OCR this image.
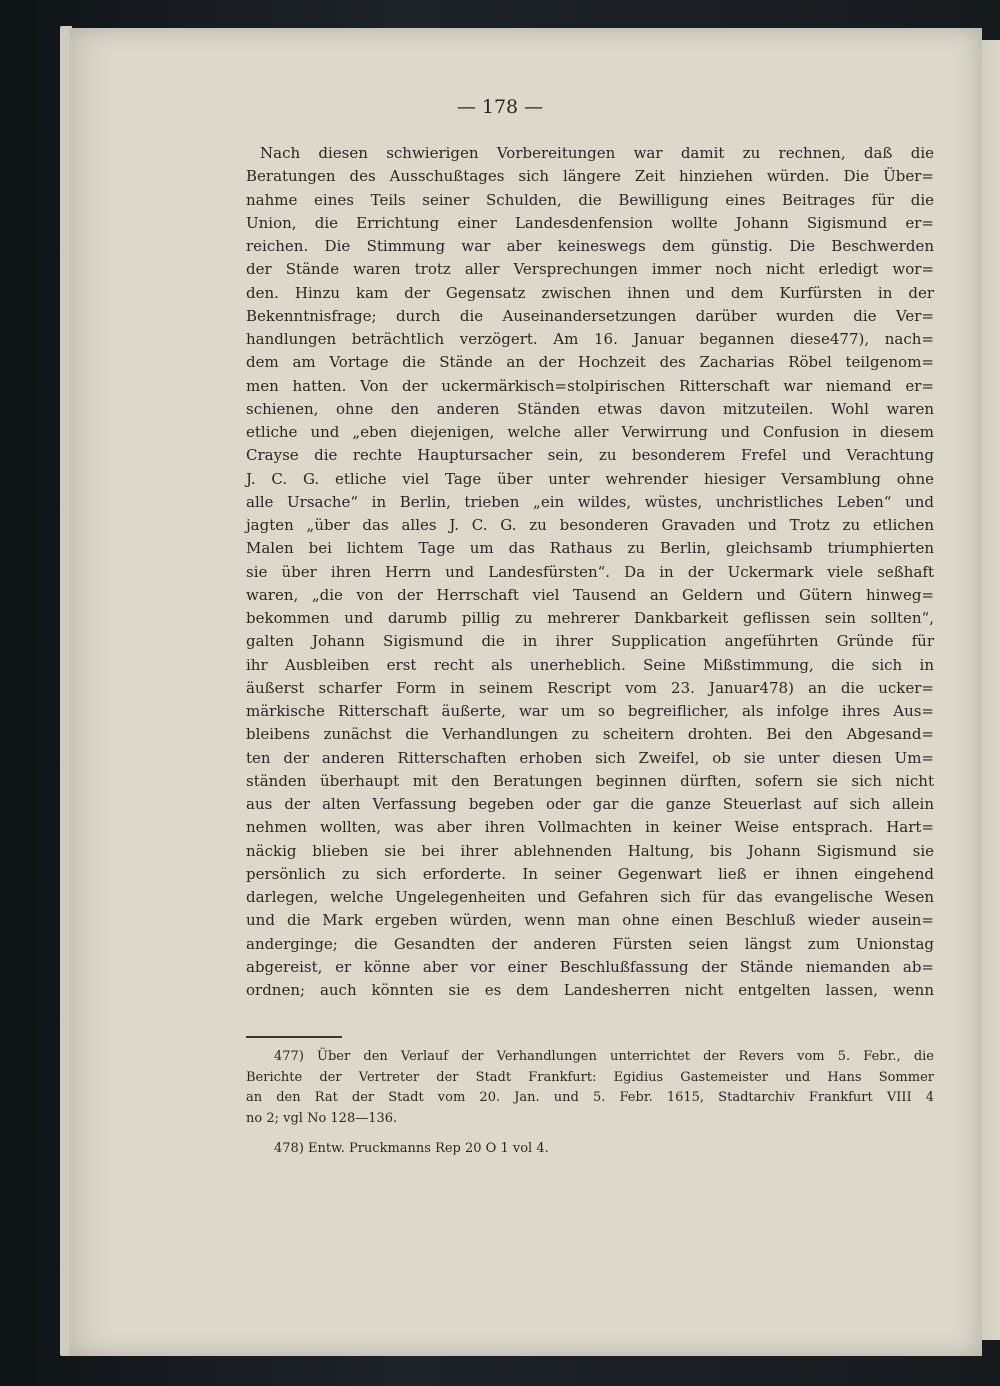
— 178 —
Nach diesen schwierigen Vorbereitungen war damit zu rechnen, daß die
Beratungen des Ausschußtages sich längere Zeit hinziehen würden. Die Über=
nahme eines Teils seiner Schulden, die Bewilligung eines Beitrages für die
Union, die Errichtung einer Landesdenfension wollte Johann Sigismund er=
reichen. Die Stimmung war aber keineswegs dem günstig. Die Beschwerden
der Stände waren trotz aller Versprechungen immer noch nicht erledigt wor=
den. Hinzu kam der Gegensatz zwischen ihnen und dem Kurfürsten in der
Bekenntnisfrage; durch die Auseinandersetzungen darüber wurden die Ver=
handlungen beträchtlich verzögert. Am 16. Januar begannen diese477), nach=
dem am Vortage die Stände an der Hochzeit des Zacharias Röbel teilgenom=
men hatten. Von der uckermärkisch=stolpirischen Ritterschaft war niemand er=
schienen, ohne den anderen Ständen etwas davon mitzuteilen. Wohl waren
etliche und „eben diejenigen, welche aller Verwirrung und Confusion in diesem
Crayse die rechte Hauptursacher sein, zu besonderem Frefel und Verachtung
J. C. G. etliche viel Tage über unter wehrender hiesiger Versamblung ohne
alle Ursache“ in Berlin, trieben „ein wildes, wüstes, unchristliches Leben“ und
jagten „über das alles J. C. G. zu besonderen Gravaden und Trotz zu etlichen
Malen bei lichtem Tage um das Rathaus zu Berlin, gleichsamb triumphierten
sie über ihren Herrn und Landesfürsten“. Da in der Uckermark viele seßhaft
waren, „die von der Herrschaft viel Tausend an Geldern und Gütern hinweg=
bekommen und darumb pillig zu mehrerer Dankbarkeit geflissen sein sollten“,
galten Johann Sigismund die in ihrer Supplication angeführten Gründe für
ihr Ausbleiben erst recht als unerheblich. Seine Mißstimmung, die sich in
äußerst scharfer Form in seinem Rescript vom 23. Januar478) an die ucker=
märkische Ritterschaft äußerte, war um so begreiflicher, als infolge ihres Aus=
bleibens zunächst die Verhandlungen zu scheitern drohten. Bei den Abgesand=
ten der anderen Ritterschaften erhoben sich Zweifel, ob sie unter diesen Um=
ständen überhaupt mit den Beratungen beginnen dürften, sofern sie sich nicht
aus der alten Verfassung begeben oder gar die ganze Steuerlast auf sich allein
nehmen wollten, was aber ihren Vollmachten in keiner Weise entsprach. Hart=
näckig blieben sie bei ihrer ablehnenden Haltung, bis Johann Sigismund sie
persönlich zu sich erforderte. In seiner Gegenwart ließ er ihnen eingehend
darlegen, welche Ungelegenheiten und Gefahren sich für das evangelische Wesen
und die Mark ergeben würden, wenn man ohne einen Beschluß wieder ausein=
anderginge; die Gesandten der anderen Fürsten seien längst zum Unionstag
abgereist, er könne aber vor einer Beschlußfassung der Stände niemanden ab=
ordnen; auch könnten sie es dem Landesherren nicht entgelten lassen, wenn
477) Über den Verlauf der Verhandlungen unterrichtet der Revers vom 5. Febr., die
Berichte der Vertreter der Stadt Frankfurt: Egidius Gastemeister und Hans Sommer
an den Rat der Stadt vom 20. Jan. und 5. Febr. 1615, Stadtarchiv Frankfurt VIII 4
no 2; vgl No 128—136.
478) Entw. Pruckmanns Rep 20 O 1 vol 4.
